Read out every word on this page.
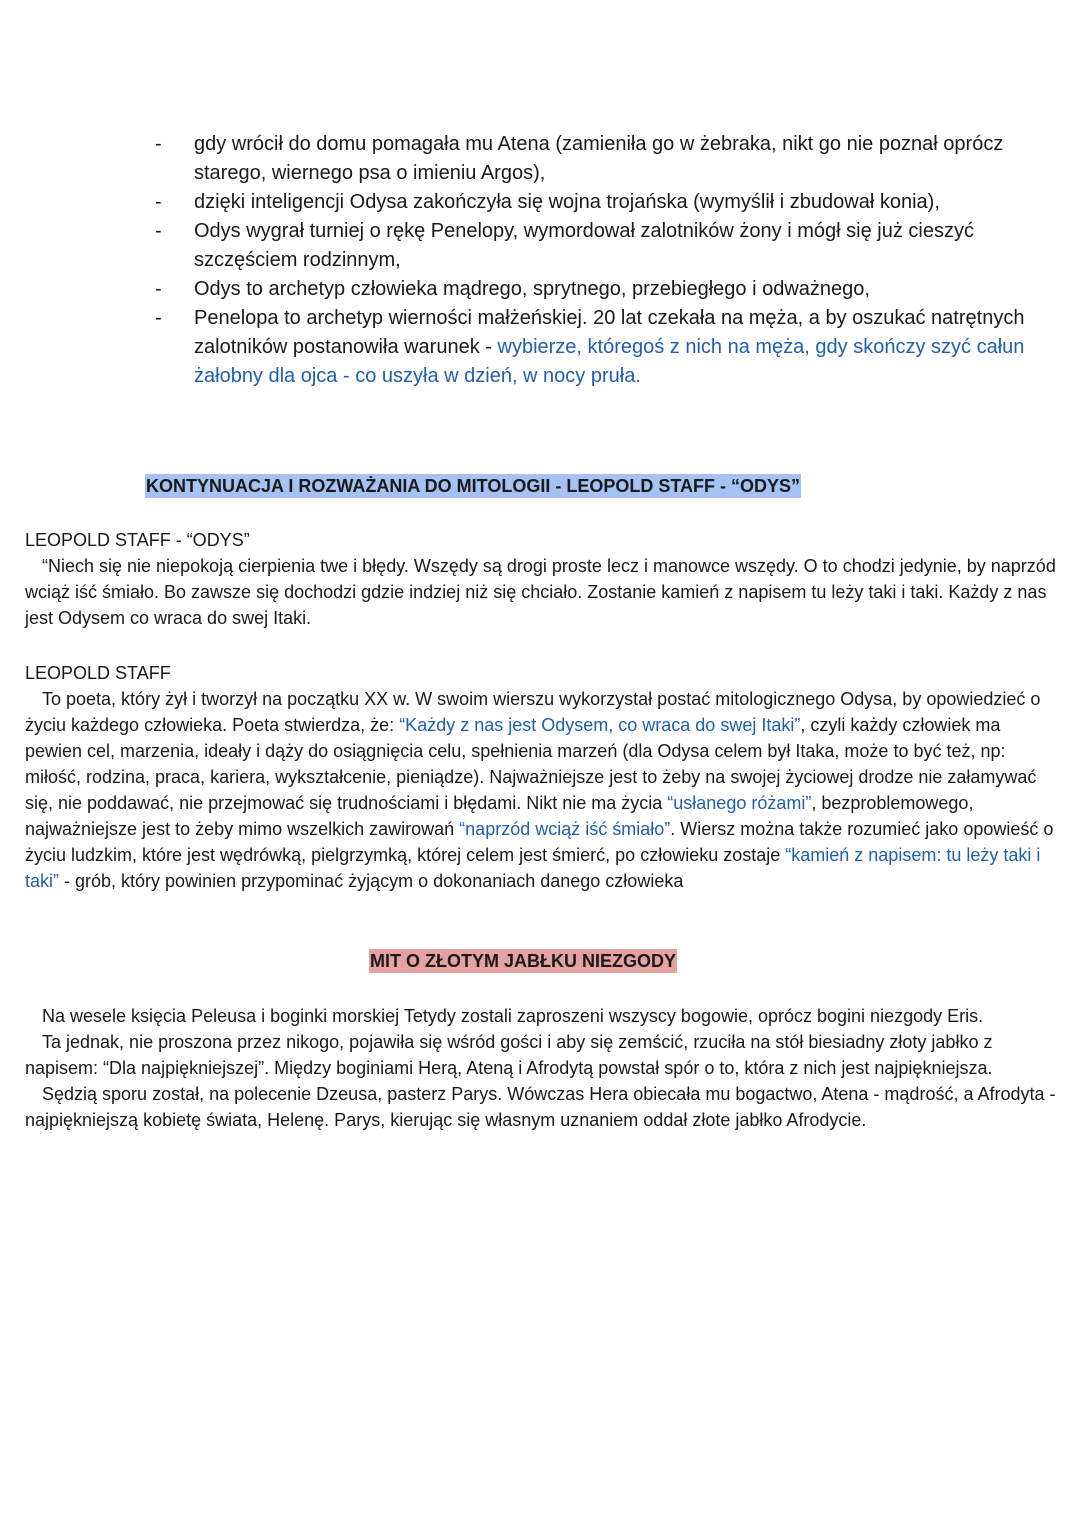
- gdy wrócił do domu pomagała mu Atena (zamieniła go w żebraka, nikt go nie poznał oprócz starego, wiernego psa o imieniu Argos),
- dzięki inteligencji Odysa zakończyła się wojna trojańska (wymyślił i zbudował konia),
- Odys wygrał turniej o rękę Penelopy, wymordował zalotników żony i mógł się już cieszyć szczęściem rodzinnym,
- Odys to archetyp człowieka mądrego, sprytnego, przebiegłego i odważnego,
- Penelopa to archetyp wierności małżeńskiej. 20 lat czekała na męża, a by oszukać natrętnych zalotników postanowiła warunek - wybierze, któregoś z nich na męża, gdy skończy szyć całun żałobny dla ojca - co uszyła w dzień, w nocy pruła.
KONTYNUACJA I ROZWAŻANIA DO MITOLOGII - LEOPOLD STAFF - “ODYS”

LEOPOLD STAFF - “ODYS”

“Niech się nie niepokoją cierpienia twe i błędy. Wszędy są drogi proste lecz i manowce wszędy. O to chodzi jedynie, by naprzód wciąż iść śmiało. Bo zawsze się dochodzi gdzie indziej niż się chciało. Zostanie kamień z napisem tu leży taki i taki. Każdy z nas jest Odysem co wraca do swej Itaki.

LEOPOLD STAFF

To poeta, który żył i tworzył na początku XX w. W swoim wierszu wykorzystał postać mitologicznego Odysa, by opowiedzieć o życiu każdego człowieka. Poeta stwierdza, że: “Każdy z nas jest Odysem, co wraca do swej Itaki”, czyli każdy człowiek ma pewien cel, marzenia, ideały i dąży do osiągnięcia celu, spełnienia marzeń (dla Odysa celem był Itaka, może to być też, np: miłość, rodzina, praca, kariera, wykształcenie, pieniądze). Najważniejsze jest to żeby na swojej życiowej drodze nie załamywać się, nie poddawać, nie przejmować się trudnościami i błędami. Nikt nie ma życia “usłanego różami”, bezproblemowego, najważniejsze jest to żeby mimo wszelkich zawirowań “naprzód wciąż iść śmiało”. Wiersz można także rozumieć jako opowieść o życiu ludzkim, które jest wędrówką, pielgrzymką, której celem jest śmierć, po człowieku zostaje “kamień z napisem: tu leży taki i taki” - grób, który powinien przypominać żyjącym o dokonaniach danego człowieka

MIT O ZŁOTYM JABŁKU NIEZGODY

Na wesele księcia Peleusa i boginki morskiej Tetydy zostali zaproszeni wszyscy bogowie, oprócz bogini niezgody Eris.

Ta jednak, nie proszona przez nikogo, pojawiła się wśród gości i aby się zemścić, rzuciła na stół biesiadny złoty jabłko z napisem: “Dla najpiękniejszej”. Między boginiami Herą, Ateną i Afrodytą powstał spór o to, która z nich jest najpiękniejsza.

Sędzią sporu został, na polecenie Dzeusa, pasterz Parys. Wówczas Hera obiecała mu bogactwo, Atena - mądrość, a Afrodyta - najpiękniejszą kobietę świata, Helenę. Parys, kierując się własnym uznaniem oddał złote jabłko Afrodycie.
